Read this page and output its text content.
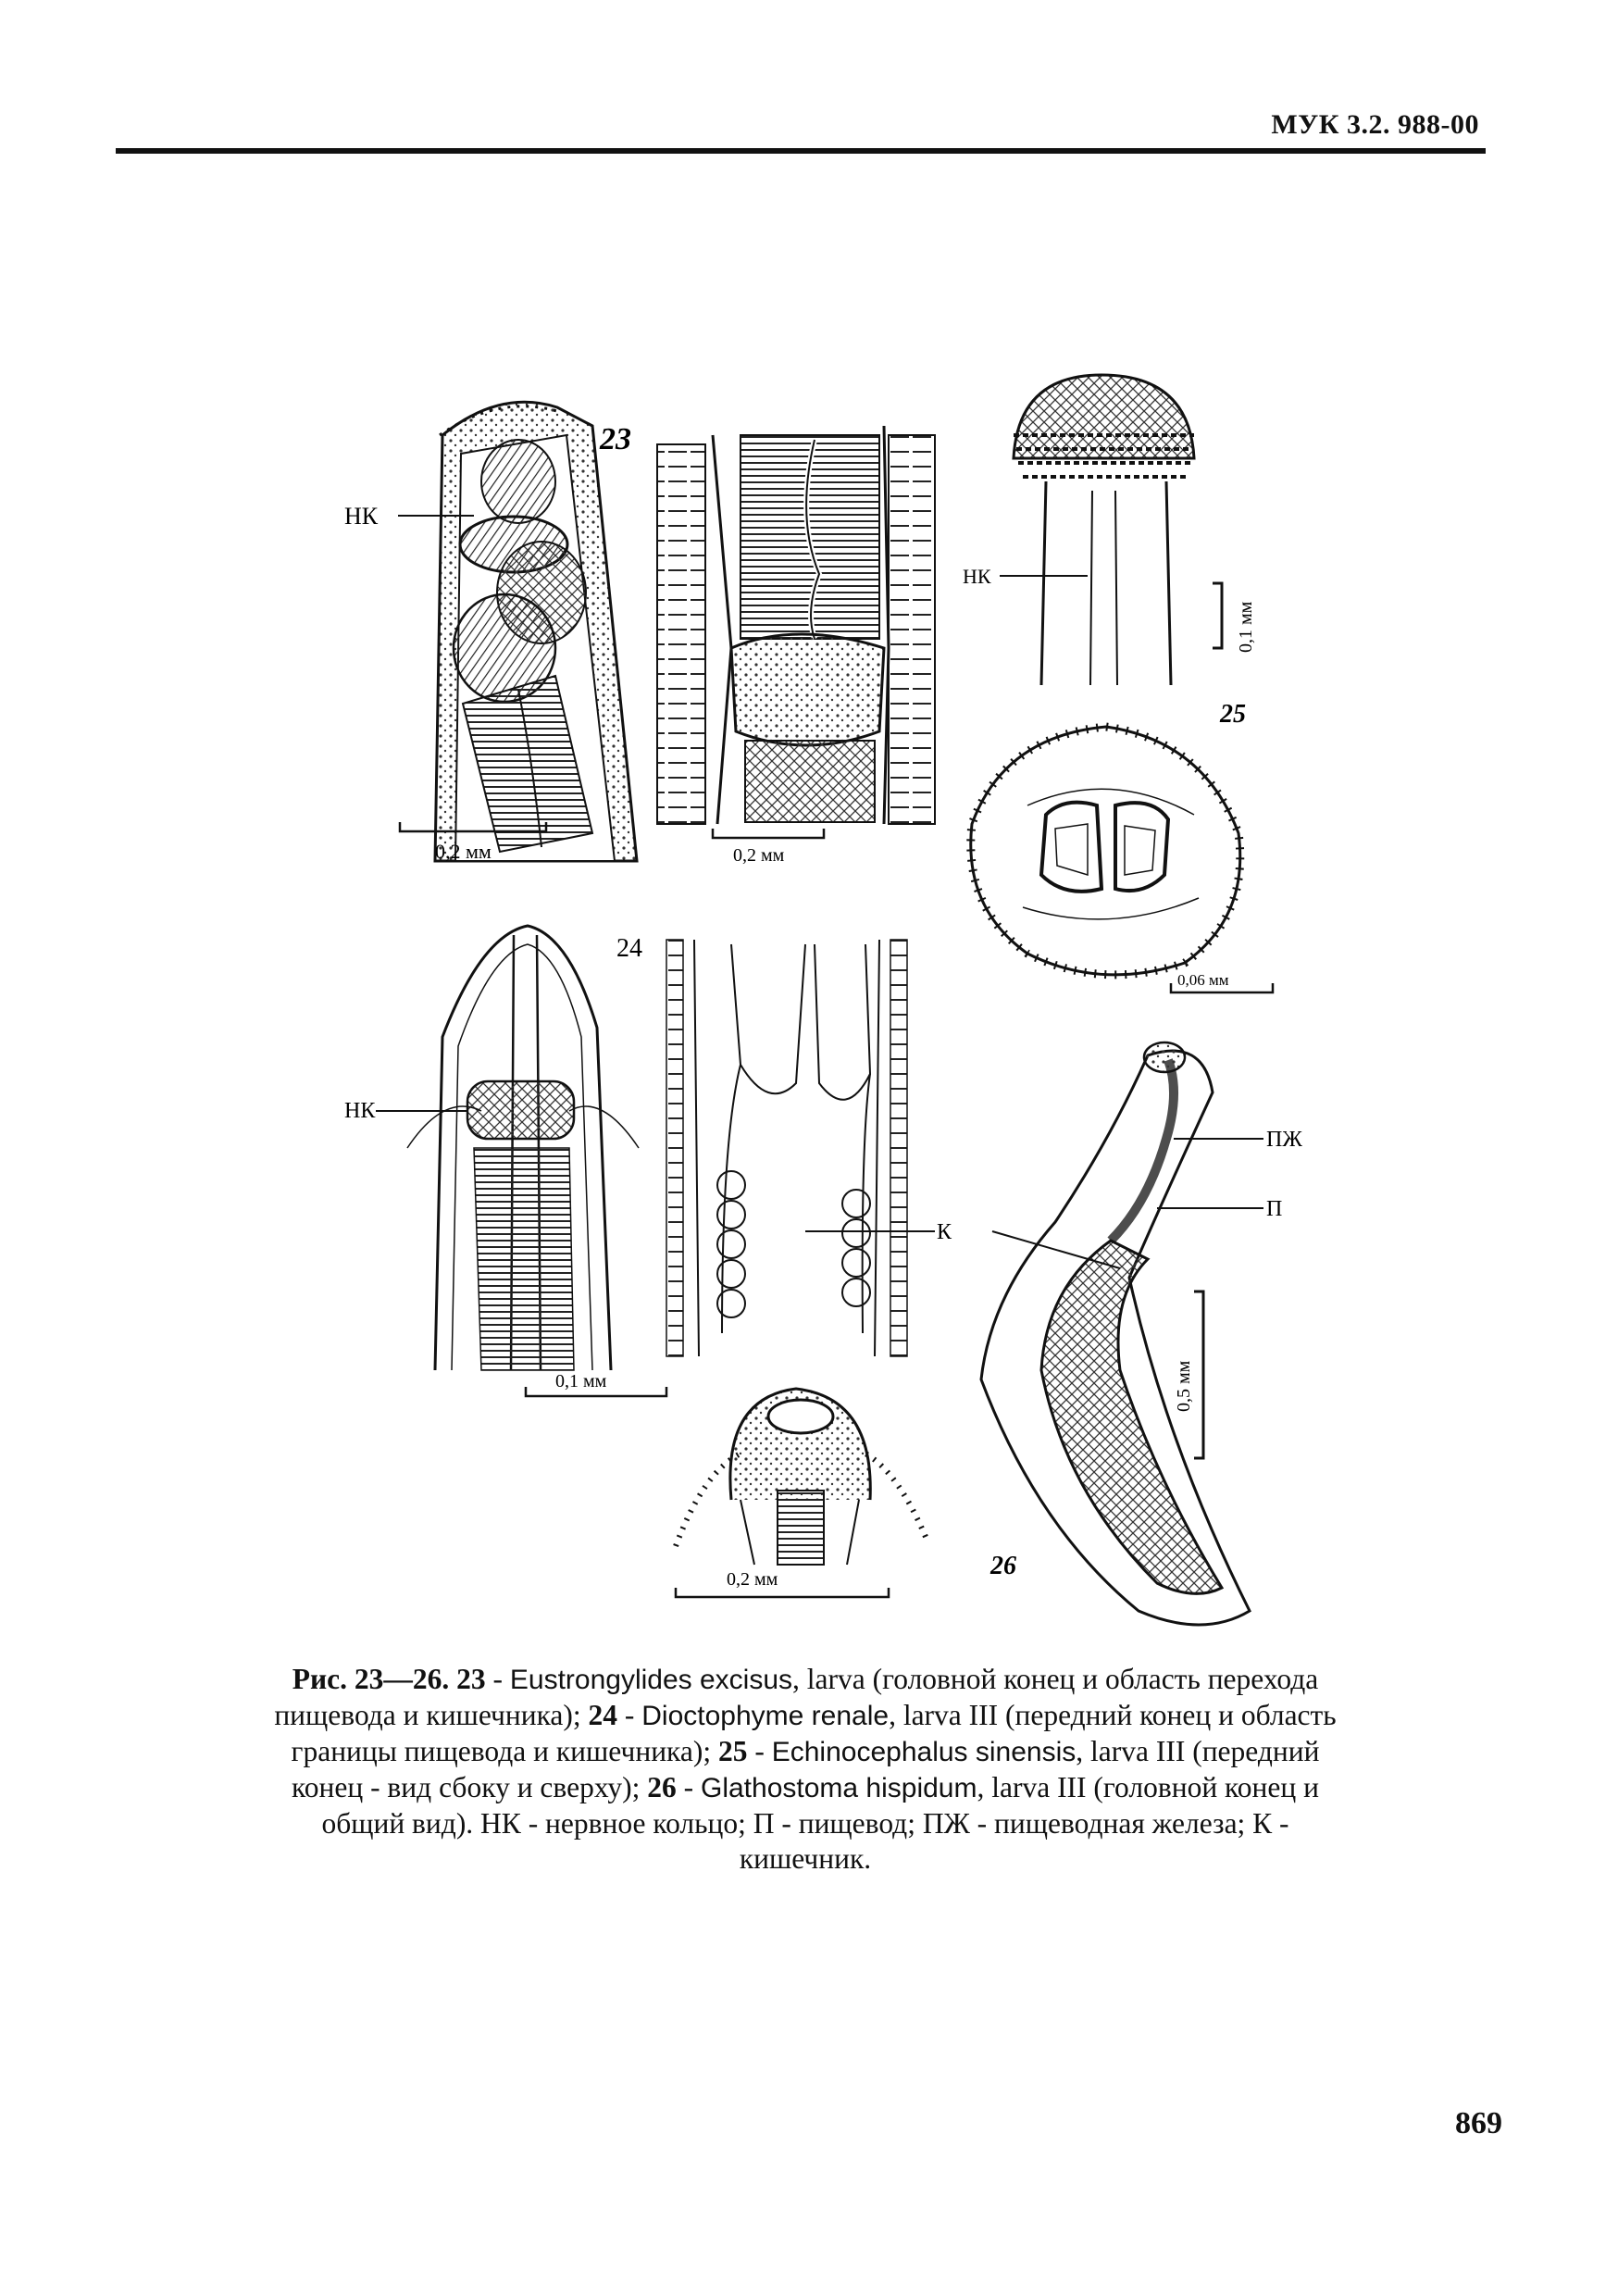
МУК 3.2. 988-00
НК
23
0,2 мм	0,2 мм
НК
0,1 мм
25
0,06 мм
НК
24
0,1 мм
К
0,2 мм
ПЖ
П
0,5 мм
26
Рис. 23—26. 23 - Eustrongylides excisus, larva (головной конец и область перехода пищевода и кишечника); 24 - Dioctophyme renale, larva III (передний конец и область границы пищевода и кишечника); 25 - Echinocephalus sinensis, larva III (передний конец - вид сбоку и сверху); 26 - Glathostoma hispidum, larva III (головной конец и общий вид). НК - нервное кольцо; П - пищевод; ПЖ - пищеводная железа; К - кишечник.
869
